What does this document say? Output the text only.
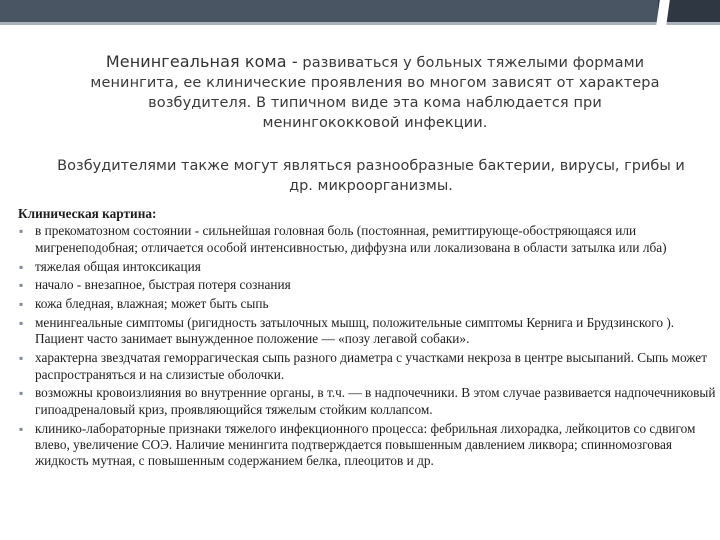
Менингеальная кома - развиваться у больных тяжелыми формами менингита, ее клинические проявления во многом зависят от характера возбудителя. В типичном виде эта кома наблюдается при менингококковой инфекции.
Возбудителями также могут являться разнообразные бактерии, вирусы, грибы и др. микроорганизмы.
Клиническая картина:
▪ в прекоматозном состоянии - сильнейшая головная боль (постоянная, ремиттирующе-обостряющаяся или мигренеподобная; отличается особой интенсивностью, диффузна или локализована в области затылка или лба)
▪ тяжелая общая интоксикация
▪ начало - внезапное, быстрая потеря сознания
▪ кожа бледная, влажная; может быть сыпь
▪ менингеальные симптомы (ригидность затылочных мышц, положительные симптомы Кернига и Брудзинского ). Пациент часто занимает вынужденное положение — «позу легавой собаки».
▪ характерна звездчатая геморрагическая сыпь разного диаметра с участками некроза в центре высыпаний. Сыпь может распространяться и на слизистые оболочки.
▪ возможны кровоизлияния во внутренние органы, в т.ч. — в надпочечники. В этом случае развивается надпочечниковый гипоадреналовый криз, проявляющийся тяжелым стойким коллапсом.
▪ клинико-лабораторные признаки тяжелого инфекционного процесса: фебрильная лихорадка, лейкоцитов со сдвигом влево, увеличение СОЭ. Наличие менингита подтверждается повышенным давлением ликвора; спинномозговая жидкость мутная, с повышенным содержанием белка, плеоцитов и др.
